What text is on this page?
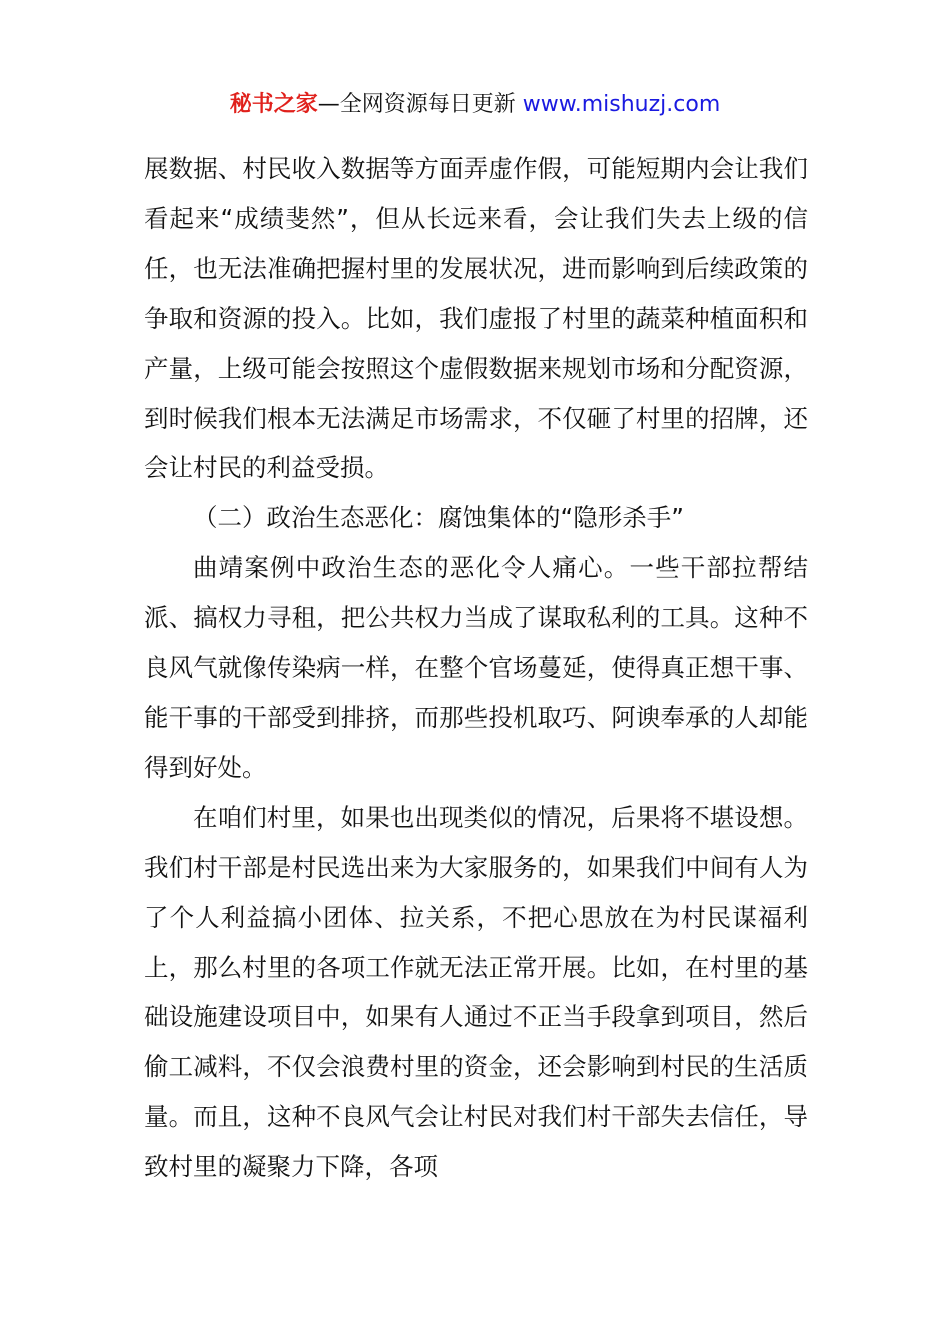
秘书之家—全网资源每日更新 www.mishuzj.com

展数据、村民收入数据等方面弄虚作假，可能短期内会让我们看起来“成绩斐然”，但从长远来看，会让我们失去上级的信任，也无法准确把握村里的发展状况，进而影响到后续政策的争取和资源的投入。比如，我们虚报了村里的蔬菜种植面积和产量，上级可能会按照这个虚假数据来规划市场和分配资源，到时候我们根本无法满足市场需求，不仅砸了村里的招牌，还会让村民的利益受损。

（二）政治生态恶化：腐蚀集体的“隐形杀手”

曲靖案例中政治生态的恶化令人痛心。一些干部拉帮结派、搞权力寻租，把公共权力当成了谋取私利的工具。这种不良风气就像传染病一样，在整个官场蔓延，使得真正想干事、能干事的干部受到排挤，而那些投机取巧、阿谀奉承的人却能得到好处。

在咱们村里，如果也出现类似的情况，后果将不堪设想。我们村干部是村民选出来为大家服务的，如果我们中间有人为了个人利益搞小团体、拉关系，不把心思放在为村民谋福利上，那么村里的各项工作就无法正常开展。比如，在村里的基础设施建设项目中，如果有人通过不正当手段拿到项目，然后偷工减料，不仅会浪费村里的资金，还会影响到村民的生活质量。而且，这种不良风气会让村民对我们村干部失去信任，导致村里的凝聚力下降，各项
